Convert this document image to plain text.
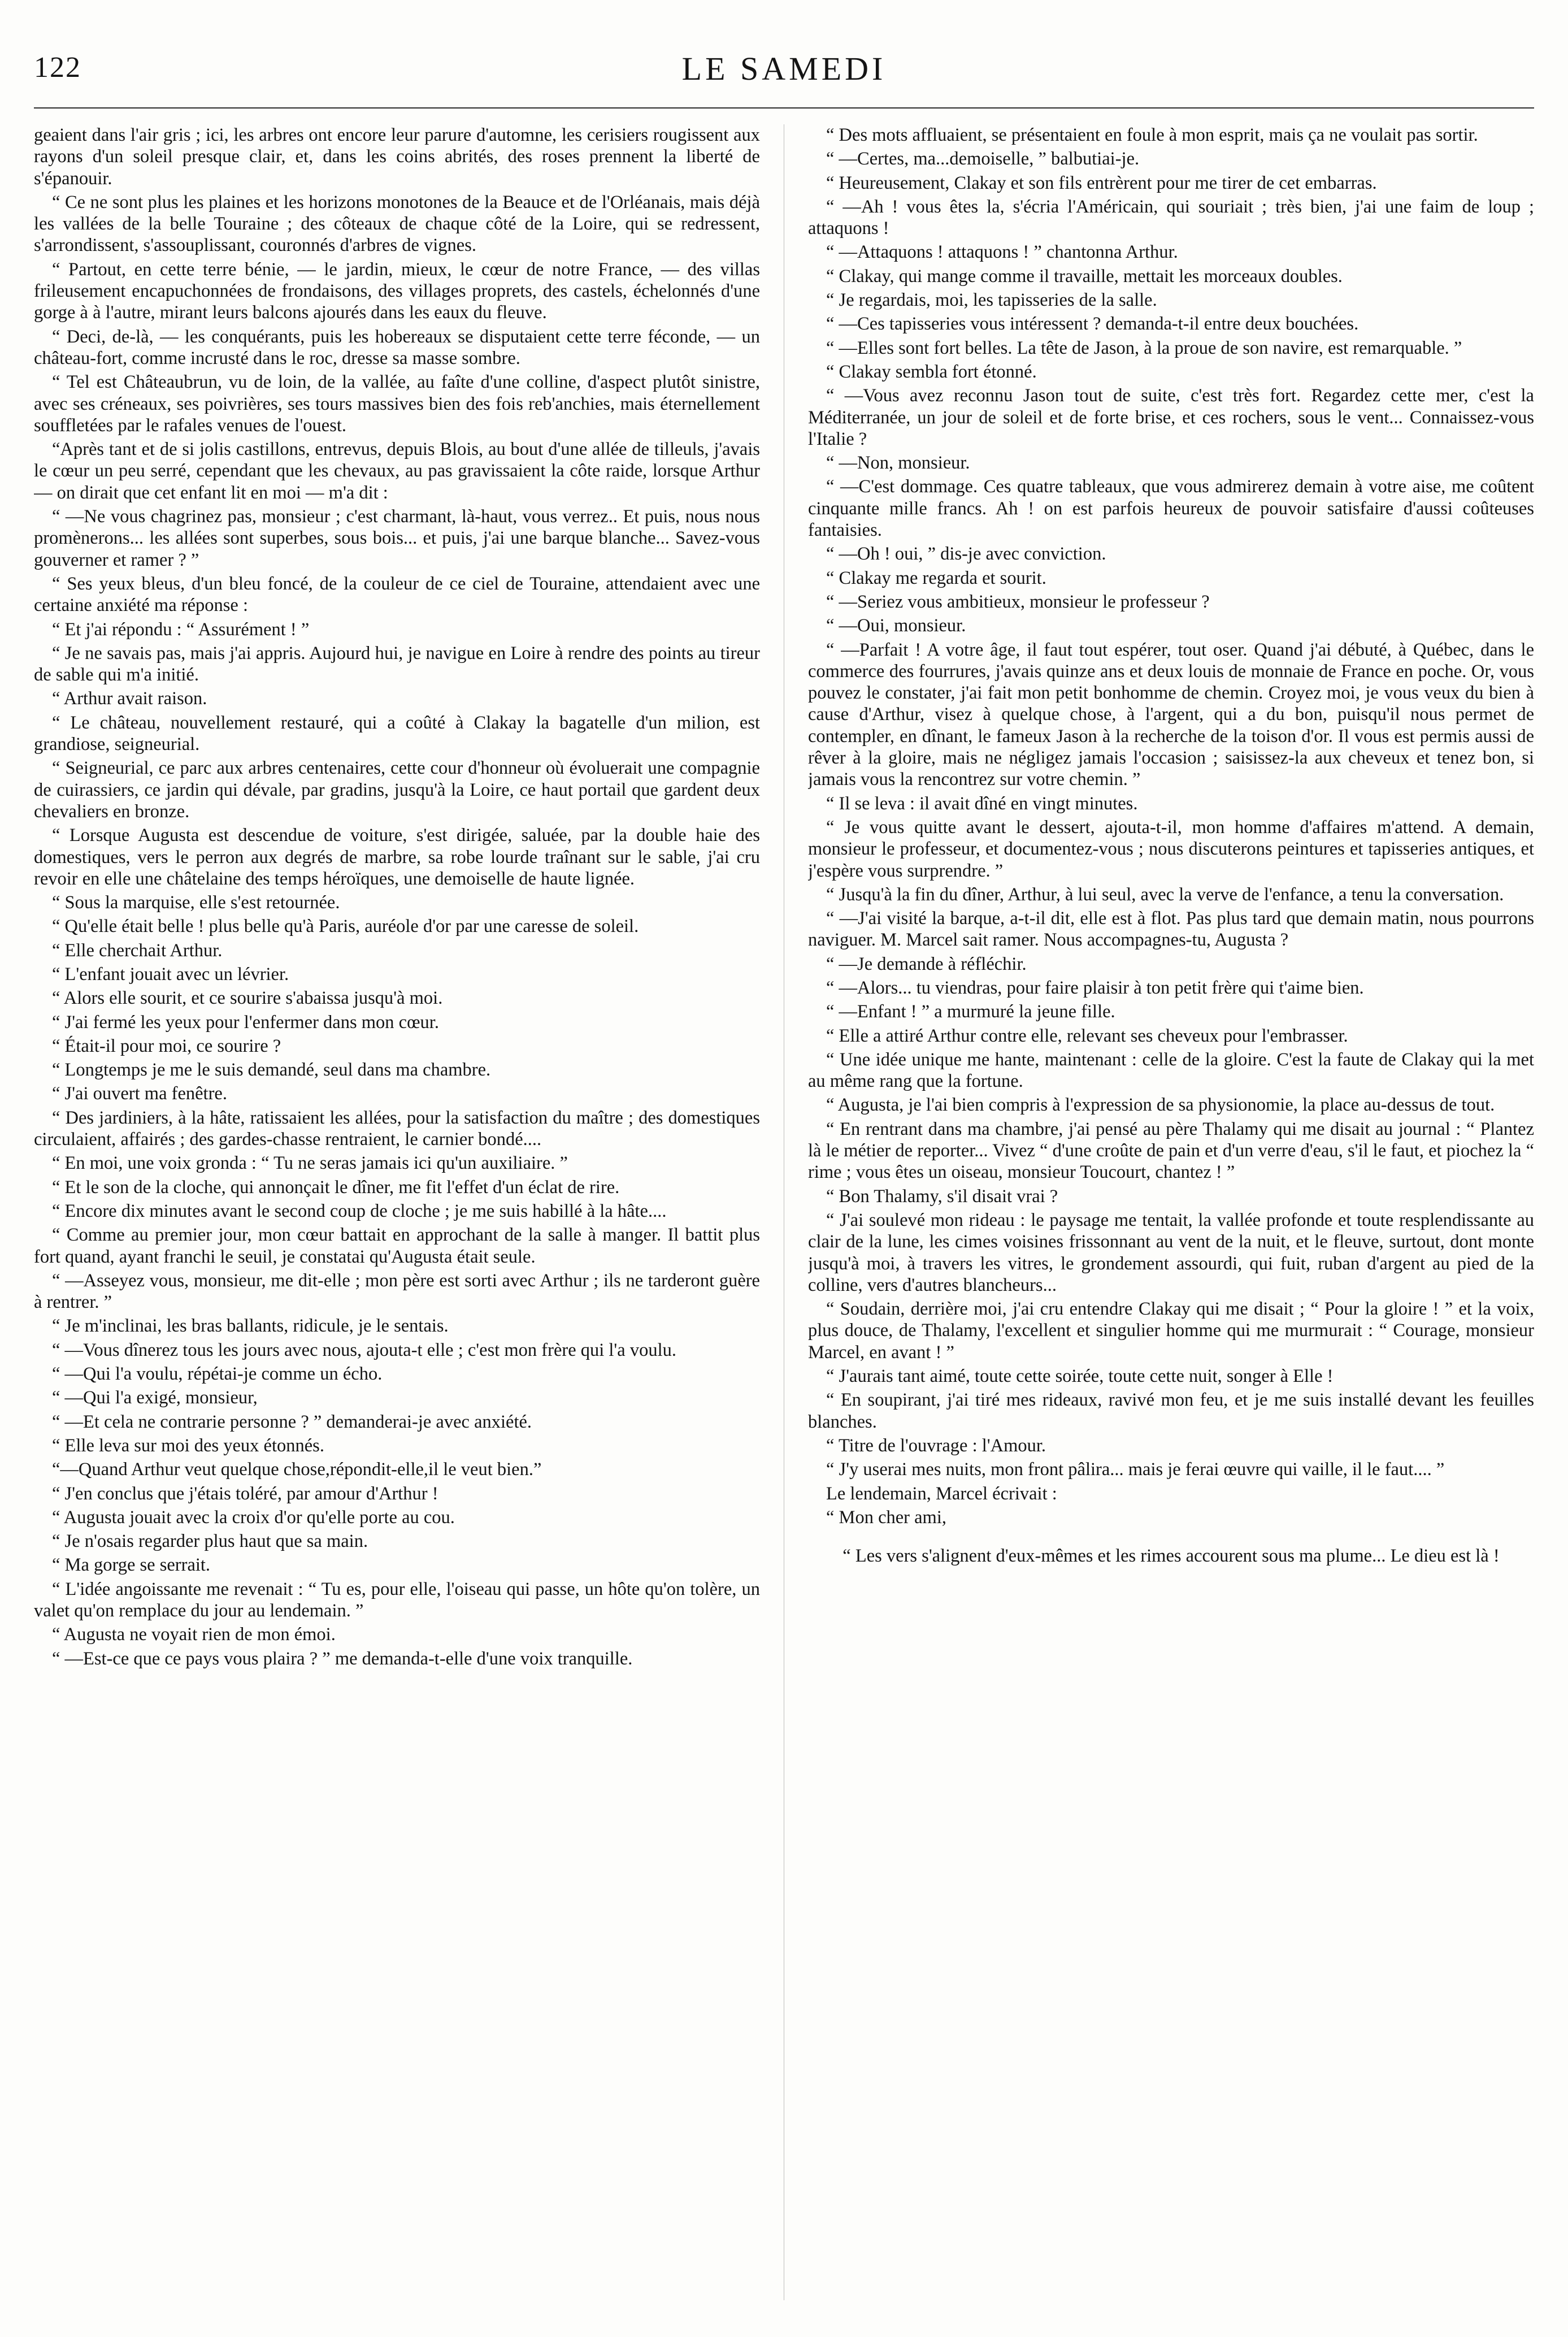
122	LE SAMEDI

geaient dans l'air gris ; ici, les arbres ont encore leur parure d'automne, les cerisiers rougissent aux rayons d'un soleil presque clair, et, dans les coins abrités, des roses prennent la liberté de s'épanouir.

“ Ce ne sont plus les plaines et les horizons monotones de la Beauce et de l'Orléanais, mais déjà les vallées de la belle Touraine ; des côteaux de chaque côté de la Loire, qui se redressent, s'arrondissent, s'assouplissant, couronnés d'arbres de vignes.

“ Partout, en cette terre bénie, — le jardin, mieux, le cœur de notre France, — des villas frileusement encapuchonnées de frondaisons, des villages proprets, des castels, échelonnés d'une gorge à à l'autre, mirant leurs balcons ajourés dans les eaux du fleuve.

“ Deci, de-là, — les conquérants, puis les hobereaux se disputaient cette terre féconde, — un château-fort, comme incrusté dans le roc, dresse sa masse sombre.

“ Tel est Châteaubrun, vu de loin, de la vallée, au faîte d'une colline, d'aspect plutôt sinistre, avec ses créneaux, ses poivrières, ses tours massives bien des fois reb'anchies, mais éternellement souffletées par le rafales venues de l'ouest.

“Après tant et de si jolis castillons, entrevus, depuis Blois, au bout d'une allée de tilleuls, j'avais le cœur un peu serré, cependant que les chevaux, au pas gravissaient la côte raide, lorsque Arthur — on dirait que cet enfant lit en moi — m'a dit :

“ —Ne vous chagrinez pas, monsieur ; c'est charmant, là-haut, vous verrez.. Et puis, nous nous promènerons... les allées sont superbes, sous bois... et puis, j'ai une barque blanche... Savez-vous gouverner et ramer ? ”

“ Ses yeux bleus, d'un bleu foncé, de la couleur de ce ciel de Touraine, attendaient avec une certaine anxiété ma réponse :

“ Et j'ai répondu : “ Assurément ! ”

“ Je ne savais pas, mais j'ai appris. Aujourd hui, je navigue en Loire à rendre des points au tireur de sable qui m'a initié.

“ Arthur avait raison.

“ Le château, nouvellement restauré, qui a coûté à Clakay la bagatelle d'un milion, est grandiose, seigneurial.

“ Seigneurial, ce parc aux arbres centenaires, cette cour d'honneur où évoluerait une compagnie de cuirassiers, ce jardin qui dévale, par gradins, jusqu'à la Loire, ce haut portail que gardent deux chevaliers en bronze.

“ Lorsque Augusta est descendue de voiture, s'est dirigée, saluée, par la double haie des domestiques, vers le perron aux degrés de marbre, sa robe lourde traînant sur le sable, j'ai cru revoir en elle une châtelaine des temps héroïques, une demoiselle de haute lignée.

“ Sous la marquise, elle s'est retournée.

“ Qu'elle était belle ! plus belle qu'à Paris, auréole d'or par une caresse de soleil.

“ Elle cherchait Arthur.

“ L'enfant jouait avec un lévrier.

“ Alors elle sourit, et ce sourire s'abaissa jusqu'à moi.

“ J'ai fermé les yeux pour l'enfermer dans mon cœur.

“ Était-il pour moi, ce sourire ?

“ Longtemps je me le suis demandé, seul dans ma chambre.

“ J'ai ouvert ma fenêtre.

“ Des jardiniers, à la hâte, ratissaient les allées, pour la satisfaction du maître ; des domestiques circulaient, affairés ; des gardes-chasse rentraient, le carnier bondé....

“ En moi, une voix gronda : “ Tu ne seras jamais ici qu'un auxiliaire. ”

“ Et le son de la cloche, qui annonçait le dîner, me fit l'effet d'un éclat de rire.

“ Encore dix minutes avant le second coup de cloche ; je me suis habillé à la hâte....

“ Comme au premier jour, mon cœur battait en approchant de la salle à manger. Il battit plus fort quand, ayant franchi le seuil, je constatai qu'Augusta était seule.

“ —Asseyez vous, monsieur, me dit-elle ; mon père est sorti avec Arthur ; ils ne tarderont guère à rentrer. ”

“ Je m'inclinai, les bras ballants, ridicule, je le sentais.

“ —Vous dînerez tous les jours avec nous, ajouta-t elle ; c'est mon frère qui l'a voulu.

“ —Qui l'a voulu, répétai-je comme un écho.

“ —Qui l'a exigé, monsieur,

“ —Et cela ne contrarie personne ? ” demanderai-je avec anxiété.

“ Elle leva sur moi des yeux étonnés.

“—Quand Arthur veut quelque chose,répondit-elle,il le veut bien.”

“ J'en conclus que j'étais toléré, par amour d'Arthur !

“ Augusta jouait avec la croix d'or qu'elle porte au cou.

“ Je n'osais regarder plus haut que sa main.

“ Ma gorge se serrait.

“ L'idée angoissante me revenait : “ Tu es, pour elle, l'oiseau qui passe, un hôte qu'on tolère, un valet qu'on remplace du jour au lendemain. ”

“ Augusta ne voyait rien de mon émoi.

“ —Est-ce que ce pays vous plaira ? ” me demanda-t-elle d'une voix tranquille.

“ Des mots affluaient, se présentaient en foule à mon esprit, mais ça ne voulait pas sortir.

“ —Certes, ma...demoiselle, ” balbutiai-je.

“ Heureusement, Clakay et son fils entrèrent pour me tirer de cet embarras.

“ —Ah ! vous êtes la, s'écria l'Américain, qui souriait ; très bien, j'ai une faim de loup ; attaquons !

“ —Attaquons ! attaquons ! ” chantonna Arthur.

“ Clakay, qui mange comme il travaille, mettait les morceaux doubles.

“ Je regardais, moi, les tapisseries de la salle.

“ —Ces tapisseries vous intéressent ? demanda-t-il entre deux bouchées.

“ —Elles sont fort belles. La tête de Jason, à la proue de son navire, est remarquable. ”

“ Clakay sembla fort étonné.

“ —Vous avez reconnu Jason tout de suite, c'est très fort. Regardez cette mer, c'est la Méditerranée, un jour de soleil et de forte brise, et ces rochers, sous le vent... Connaissez-vous l'Italie ?

“ —Non, monsieur.

“ —C'est dommage. Ces quatre tableaux, que vous admirerez demain à votre aise, me coûtent cinquante mille francs. Ah ! on est parfois heureux de pouvoir satisfaire d'aussi coûteuses fantaisies.

“ —Oh ! oui, ” dis-je avec conviction.

“ Clakay me regarda et sourit.

“ —Seriez vous ambitieux, monsieur le professeur ?

“ —Oui, monsieur.

“ —Parfait ! A votre âge, il faut tout espérer, tout oser. Quand j'ai débuté, à Québec, dans le commerce des fourrures, j'avais quinze ans et deux louis de monnaie de France en poche. Or, vous pouvez le constater, j'ai fait mon petit bonhomme de chemin. Croyez moi, je vous veux du bien à cause d'Arthur, visez à quelque chose, à l'argent, qui a du bon, puisqu'il nous permet de contempler, en dînant, le fameux Jason à la recherche de la toison d'or. Il vous est permis aussi de rêver à la gloire, mais ne négligez jamais l'occasion ; saisissez-la aux cheveux et tenez bon, si jamais vous la rencontrez sur votre chemin. ”

“ Il se leva : il avait dîné en vingt minutes.

“ Je vous quitte avant le dessert, ajouta-t-il, mon homme d'affaires m'attend. A demain, monsieur le professeur, et documentez-vous ; nous discuterons peintures et tapisseries antiques, et j'espère vous surprendre. ”

“ Jusqu'à la fin du dîner, Arthur, à lui seul, avec la verve de l'enfance, a tenu la conversation.

“ —J'ai visité la barque, a-t-il dit, elle est à flot. Pas plus tard que demain matin, nous pourrons naviguer. M. Marcel sait ramer. Nous accompagnes-tu, Augusta ?

“ —Je demande à réfléchir.

“ —Alors... tu viendras, pour faire plaisir à ton petit frère qui t'aime bien.

“ —Enfant ! ” a murmuré la jeune fille.

“ Elle a attiré Arthur contre elle, relevant ses cheveux pour l'embrasser.

“ Une idée unique me hante, maintenant : celle de la gloire. C'est la faute de Clakay qui la met au même rang que la fortune.

“ Augusta, je l'ai bien compris à l'expression de sa physionomie, la place au-dessus de tout.

“ En rentrant dans ma chambre, j'ai pensé au père Thalamy qui me disait au journal : “ Plantez là le métier de reporter... Vivez “ d'une croûte de pain et d'un verre d'eau, s'il le faut, et piochez la “ rime ; vous êtes un oiseau, monsieur Toucourt, chantez ! ”

“ Bon Thalamy, s'il disait vrai ?

“ J'ai soulevé mon rideau : le paysage me tentait, la vallée profonde et toute resplendissante au clair de la lune, les cimes voisines frissonnant au vent de la nuit, et le fleuve, surtout, dont monte jusqu'à moi, à travers les vitres, le grondement assourdi, qui fuit, ruban d'argent au pied de la colline, vers d'autres blancheurs...

“ Soudain, derrière moi, j'ai cru entendre Clakay qui me disait ; “ Pour la gloire ! ” et la voix, plus douce, de Thalamy, l'excellent et singulier homme qui me murmurait : “ Courage, monsieur Marcel, en avant ! ”

“ J'aurais tant aimé, toute cette soirée, toute cette nuit, songer à Elle !

“ En soupirant, j'ai tiré mes rideaux, ravivé mon feu, et je me suis installé devant les feuilles blanches.

“ Titre de l'ouvrage : l'Amour.

“ J'y userai mes nuits, mon front pâlira... mais je ferai œuvre qui vaille, il le faut.... ”

Le lendemain, Marcel écrivait :

“ Mon cher ami,

“ Les vers s'alignent d'eux-mêmes et les rimes accourent sous ma plume... Le dieu est là !
